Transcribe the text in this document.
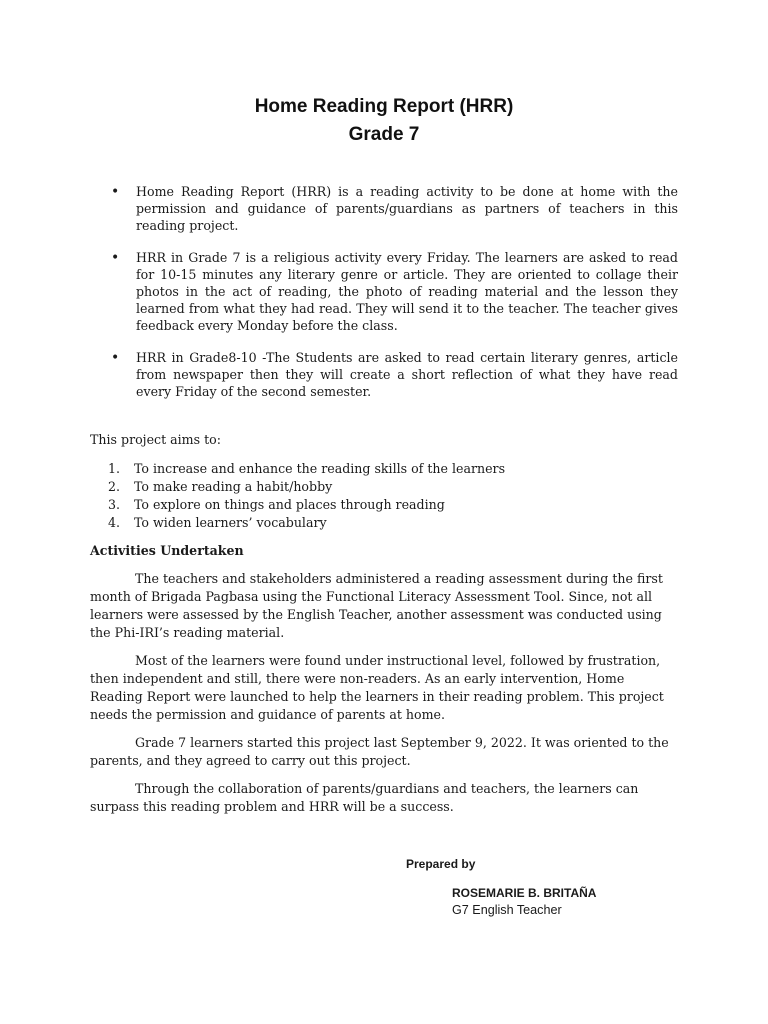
Home Reading Report (HRR)
Grade 7
• Home Reading Report (HRR) is a reading activity to be done at home with the permission and guidance of parents/guardians as partners of teachers in this reading project.
• HRR in Grade 7 is a religious activity every Friday. The learners are asked to read for 10-15 minutes any literary genre or article. They are oriented to collage their photos in the act of reading, the photo of reading material and the lesson they learned from what they had read. They will send it to the teacher. The teacher gives feedback every Monday before the class.
• HRR in Grade8-10 -The Students are asked to read certain literary genres, article from newspaper then they will create a short reflection of what they have read every Friday of the second semester.
This project aims to:
1.	To increase and enhance the reading skills of the learners
2.	To make reading a habit/hobby
3.	To explore on things and places through reading
4.	To widen learners’ vocabulary
Activities Undertaken

The teachers and stakeholders administered a reading assessment during the first month of Brigada Pagbasa using the Functional Literacy Assessment Tool. Since, not all learners were assessed by the English Teacher, another assessment was conducted using the Phi-IRI’s reading material.

Most of the learners were found under instructional level, followed by frustration, then independent and still, there were non-readers. As an early intervention, Home Reading Report were launched to help the learners in their reading problem. This project needs the permission and guidance of parents at home.

Grade 7 learners started this project last September 9, 2022. It was oriented to the parents, and they agreed to carry out this project.

Through the collaboration of parents/guardians and teachers, the learners can surpass this reading problem and HRR will be a success.

Prepared by
ROSEMARIE B. BRITAÑA
G7 English Teacher
